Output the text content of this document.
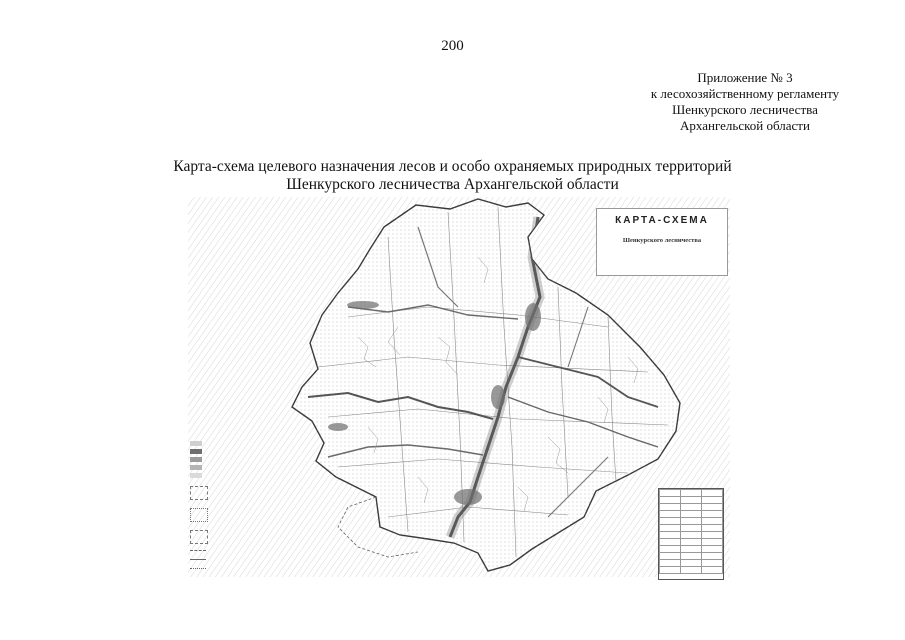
200
Приложение № 3
к лесохозяйственному регламенту
Шенкурского лесничества
Архангельской области
Карта-схема целевого назначения лесов и особо охраняемых природных территорий
Шенкурского лесничества Архангельской области

КАРТА-СХЕМА

Шенкурского лесничества
